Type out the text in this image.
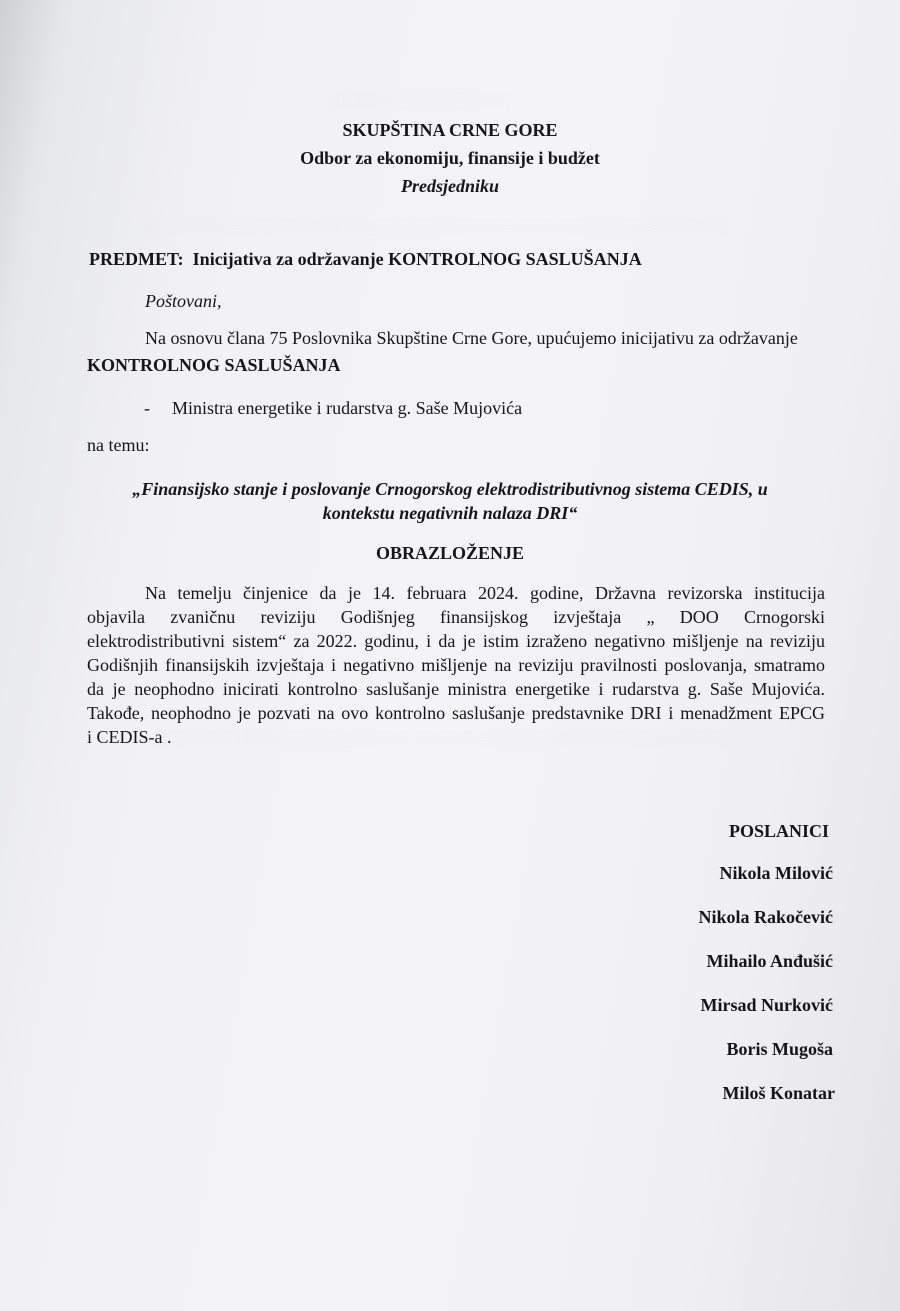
░░░░░░░░░░░░░░░░
░░░░░░░░░░░░░░░░░░░░░░░░░░░░░░░░░░░░░░░░░░░░░░░░░░░░
░░░░░░░░░░░░░░░░░░░░░░░░░░░░░░░░░░░░░░░░░░░░░░░░░░░

SKUPŠTINA CRNE GORE

Odbor za ekonomiju, finansije i budžet

Predsjedniku

PREDMET: Inicijativa za održavanje KONTROLNOG SASLUŠANJA

Poštovani,

Na osnovu člana 75 Poslovnika Skupštine Crne Gore, upućujemo inicijativu za održavanje

KONTROLNOG SASLUŠANJA

- Ministra energetike i rudarstva g. Saše Mujovića

na temu:

„Finansijsko stanje i poslovanje Crnogorskog elektrodistributivnog sistema CEDIS, u

kontekstu negativnih nalaza DRI“

OBRAZLOŽENJE

Na temelju činjenice da je 14. februara 2024. godine, Državna revizorska institucija

objavila zvaničnu reviziju Godišnjeg finansijskog izvještaja „ DOO Crnogorski

elektrodistributivni sistem“ za 2022. godinu, i da je istim izraženo negativno mišljenje na reviziju

Godišnjih finansijskih izvještaja i negativno mišljenje na reviziju pravilnosti poslovanja, smatramo

da je neophodno inicirati kontrolno saslušanje ministra energetike i rudarstva g. Saše Mujovića.

Takođe, neophodno je pozvati na ovo kontrolno saslušanje predstavnike DRI i menadžment EPCG

i CEDIS-a .

POSLANICI

Nikola Milović

Nikola Rakočević

Mihailo Anđušić

Mirsad Nurković

Boris Mugoša

Miloš Konatar
